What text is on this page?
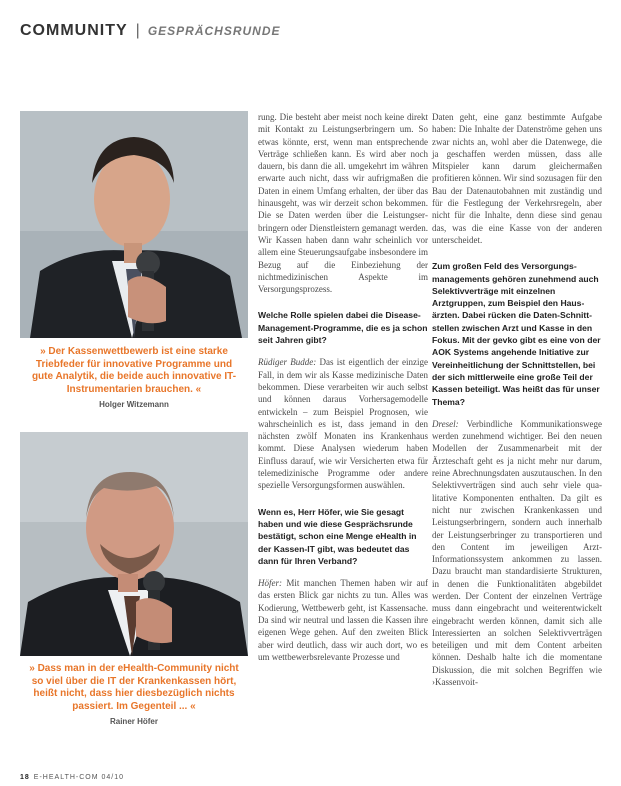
COMMUNITY | GESPRÄCHSRUNDE
» Der Kassenwettbewerb ist eine starke Triebfeder für innovative Programme und gute Analytik, die beide auch innovative IT-Instrumentarien brauchen. «
Holger Witzemann
» Dass man in der eHealth-Community nicht so viel über die IT der Krankenkassen hört, heißt nicht, dass hier diesbezüglich nichts passiert. Im Gegenteil ... «
Rainer Höfer

rung. Die besteht aber meist noch keine direkt mit Kontakt zu Leistungserbringern um. So etwas könnte, erst, wenn man entsprechende Verträge schließen kann. Es wird aber noch dauern, bis dann die all. umgekehrt im währen erwarte auch nicht, dass wir aufrigmaßen die Daten in einem Umfang erhalten, der über das hinausgeht, was wir derzeit schon bekommen. Die se Daten werden über die Leistungserbringern oder Dienstleistern gemanagt werden. Wir Kassen haben dann wahr scheinlich vor allem eine Steuerungsaufgabe insbesondere im Bezug auf die Einbeziehung der nichtmedizinischen Aspekte im Versorgungsprozess.

Welche Rolle spielen dabei die Disease-Management-Programme, die es ja schon seit Jahren gibt?

Rüdiger Budde: Das ist eigentlich der einzige Fall, in dem wir als Kasse medizinische Daten bekommen. Diese verarbeiten wir auch selbst und können daraus Vorhersagemodelle entwickeln – zum Beispiel Prognosen, wie wahrscheinlich es ist, dass jemand in den nächsten zwölf Monaten ins Krankenhaus kommt. Diese Analysen wiederum haben Einfluss darauf, wie wir Versicherten etwa für telemedizinische Programme oder andere spezielle Versorgungsformen auswählen.

Wenn es, Herr Höfer, wie Sie gesagt haben und wie diese Gesprächsrunde bestätigt, schon eine Menge eHealth in der Kassen-IT gibt, was bedeutet das dann für Ihren Verband?

Höfer: Mit manchen Themen haben wir auf das ersten Blick gar nichts zu tun. Alles was Kodierung, Wettbewerb geht, ist Kassensache. Da sind wir neutral und lassen die Kassen ihre eigenen Wege gehen. Auf den zweiten Blick aber wird deutlich, dass wir auch dort, wo es um wettbewerbsrelevante Prozesse und

Daten geht, eine ganz bestimmte Aufgabe haben: Die Inhalte der Datenströme gehen uns zwar nichts an, wohl aber die Datenwege, die ja geschaffen werden müssen, dass alle Mitspieler kann darum gleichermaßen profitieren können. Wir sind sozusagen für den Bau der Datenautobahnen mit zuständig und für die Festlegung der Verkehrsregeln, aber nicht für die Inhalte, denn diese sind genau das, was die eine Kasse von der anderen unterscheidet.

Zum großen Feld des Versorgungsmanagements gehören zunehmend auch Selektivverträge mit einzelnen Arztgruppen, zum Beispiel den Hausärzten. Dabei rücken die Daten-Schnittstellen zwischen Arzt und Kasse in den Fokus. Mit der gevko gibt es eine von der AOK Systems angehende Initiative zur Vereinheitlichung der Schnittstellen, bei der sich mittlerweile eine große Teil der Kassen beteiligt. Was heißt das für unser Thema?

Dresel: Verbindliche Kommunikationswege werden zunehmend wichtiger. Bei den neuen Modellen der Zusammenarbeit mit der Ärzteschaft geht es ja nicht mehr nur darum, reine Abrechnungsdaten auszutauschen. In den Selektivverträgen sind auch sehr viele qualitative Komponenten enthalten. Da gilt es nicht nur zwischen Krankenkassen und Leistungserbringern, sondern auch innerhalb der Leistungserbringer zu transportieren und den Content im jeweiligen Arzt-Informationssystem ankommen zu lassen. Dazu braucht man standardisierte Strukturen, in denen die Funktionalitäten abgebildet werden. Der Content der einzelnen Verträge muss dann eingebracht und weiterentwickelt eingebracht werden können, damit sich alle Interessierten an solchen Selektivverträgen beteiligen und mit dem Content arbeiten können. Deshalb halte ich die momentane Diskussion, die mit solchen Begriffen wie ›Kassenvoit-

18 E-HEALTH-COM 04/10
